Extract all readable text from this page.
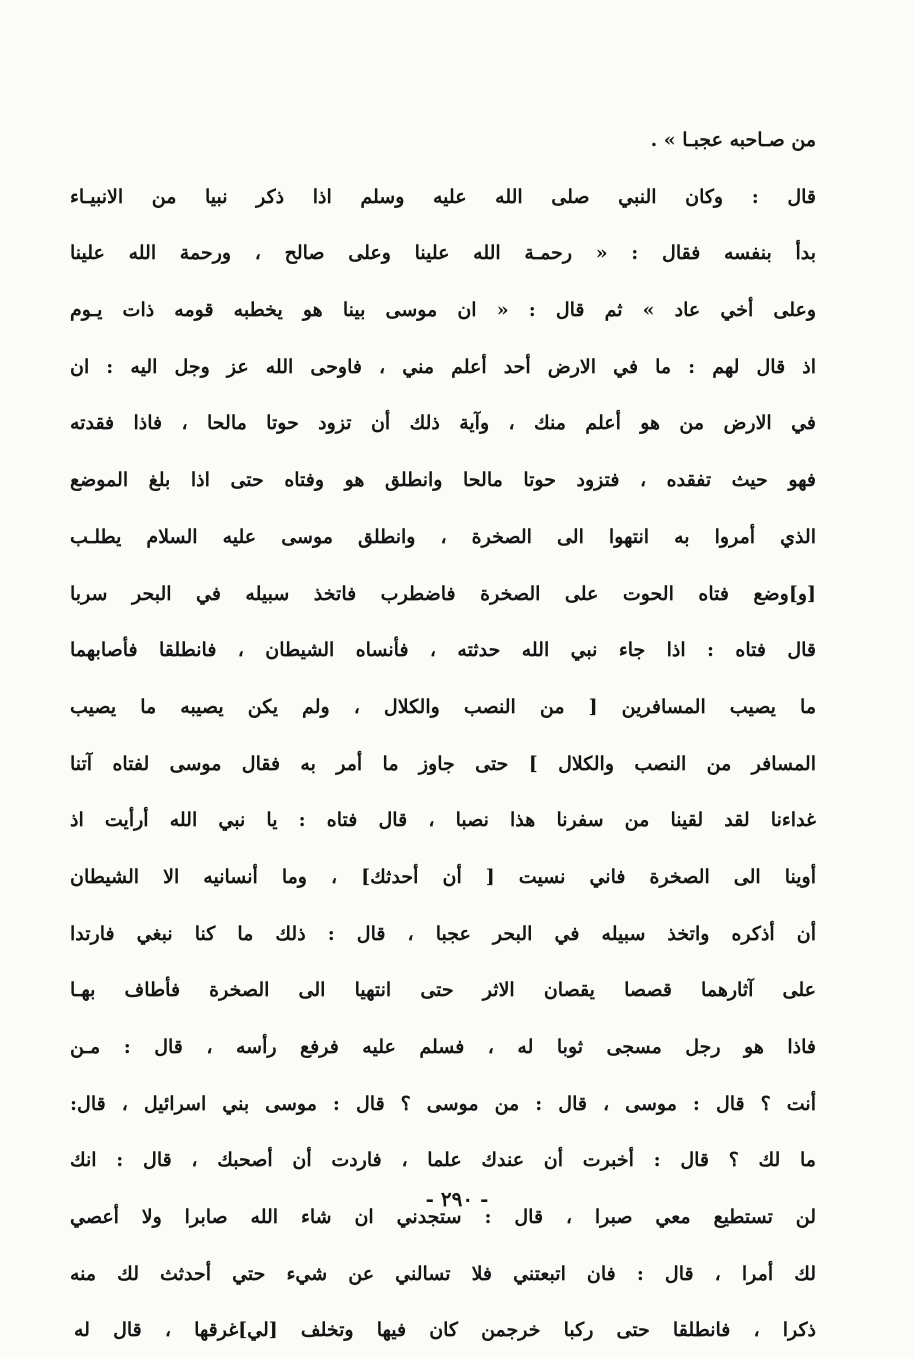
من صـاحبه عجبـا » .
قال : وكان النبي صلى الله عليه وسلم اذا ذكر نبيا من الانبيـاء
بدأ بنفسه فقال : « رحمـة الله علينا وعلى صالح ، ورحمة الله علينا
وعلى أخي عاد » ثم قال : « ان موسى بينا هو يخطبه قومه ذات يـوم
اذ قال لهم : ما في الارض أحد أعلم مني ، فاوحى الله عز وجل اليه : ان
في الارض من هو أعلم منك ، وآية ذلك أن تزود حوتا مالحا ، فاذا فقدته
فهو حيث تفقده ، فتزود حوتا مالحا وانطلق هو وفتاه حتى اذا بلغ الموضع
الذي أمروا به انتهوا الى الصخرة ، وانطلق موسى عليه السلام يطلـب
[و]وضع فتاه الحوت على الصخرة فاضطرب فاتخذ سبيله في البحر سربا
قال فتاه : اذا جاء نبي الله حدثته ، فأنساه الشيطان ، فانطلقا فأصابهما
ما يصيب المسافرين [ من النصب والكلال ، ولم يكن يصيبه ما يصيب
المسافر من النصب والكلال ] حتى جاوز ما أمر به فقال موسى لفتاه آتنا
غداءنا لقد لقينا من سفرنا هذا نصبا ، قال فتاه : يا نبي الله أرأيت اذ
أوينا الى الصخرة فاني نسيت [ أن أحدثك] ، وما أنسانيه الا الشيطان
أن أذكره واتخذ سبيله في البحر عجبا ، قال : ذلك ما كنا نبغي فارتدا
على آثارهما قصصا يقصان الاثر حتى انتهيا الى الصخرة فأطاف بهـا
فاذا هو رجل مسجى ثوبا له ، فسلم عليه فرفع رأسه ، قال : مـن
أنت ؟ قال : موسى ، قال : من موسى ؟ قال : موسى بني اسرائيل ، قال:
ما لك ؟ قال : أخبرت أن عندك علما ، فاردت أن أصحبك ، قال : انك
لن تستطيع معي صبرا ، قال : ستجدني ان شاء الله صابرا ولا أعصي
لك أمرا ، قال : فان اتبعتني فلا تسالني عن شيء حتي أحدثث لك منه
ذكرا ، فانطلقا حتى ركبا خرجمن كان فيها وتخلف [لي]غرقها ، قال له
- ٢٩٠ -
